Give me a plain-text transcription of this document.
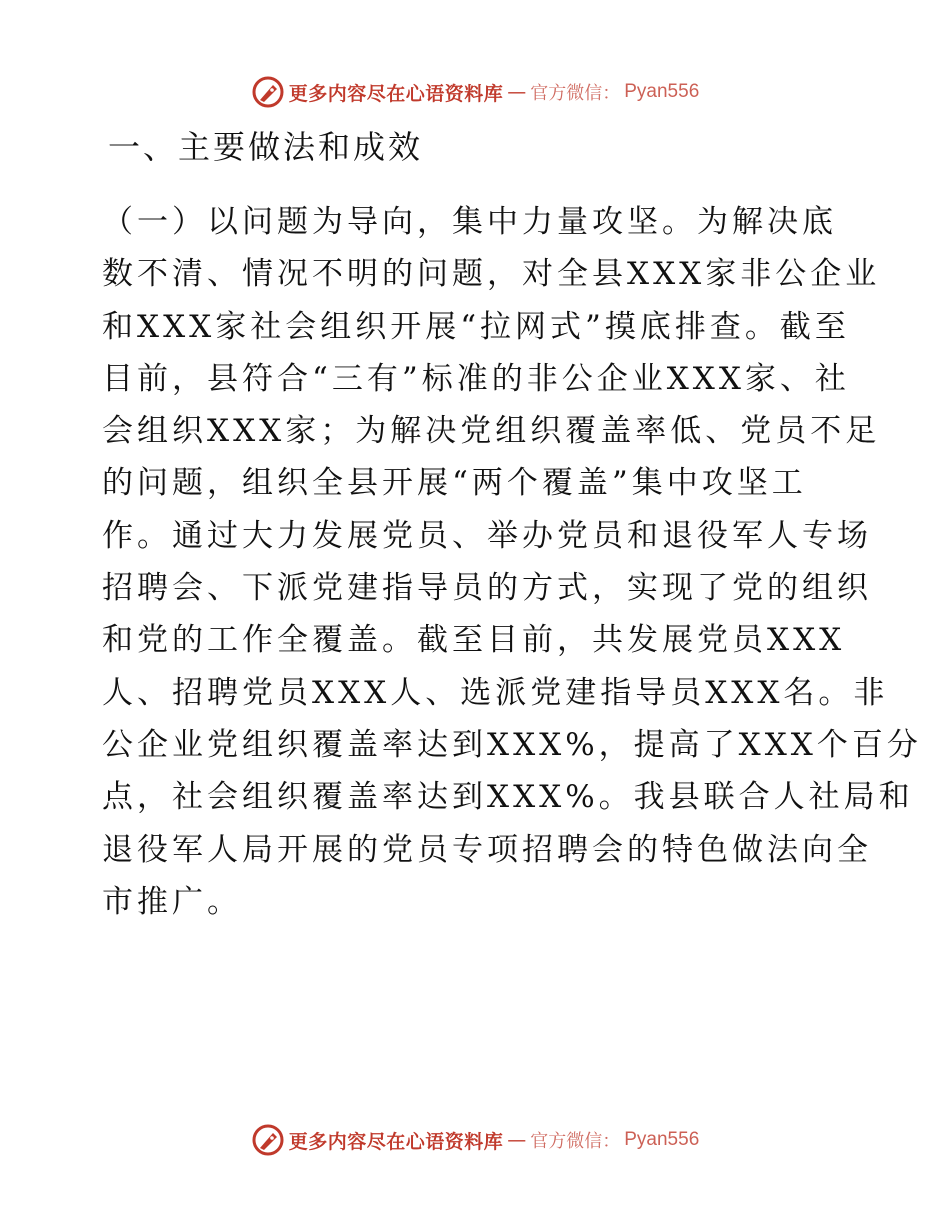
更多内容尽在心语资料库 — 官方微信： Pyan556
一、主要做法和成效
（一）以问题为导向，集中力量攻坚。为解决底
数不清、情况不明的问题，对全县XXX家非公企业
和XXX家社会组织开展“拉网式”摸底排查。截至
目前，县符合“三有”标准的非公企业XXX家、社
会组织XXX家；为解决党组织覆盖率低、党员不足
的问题，组织全县开展“两个覆盖”集中攻坚工
作。通过大力发展党员、举办党员和退役军人专场
招聘会、下派党建指导员的方式，实现了党的组织
和党的工作全覆盖。截至目前，共发展党员XXX
人、招聘党员XXX人、选派党建指导员XXX名。非
公企业党组织覆盖率达到XXX%，提高了XXX个百分
点，社会组织覆盖率达到XXX%。我县联合人社局和
退役军人局开展的党员专项招聘会的特色做法向全
市推广。
更多内容尽在心语资料库 — 官方微信： Pyan556
